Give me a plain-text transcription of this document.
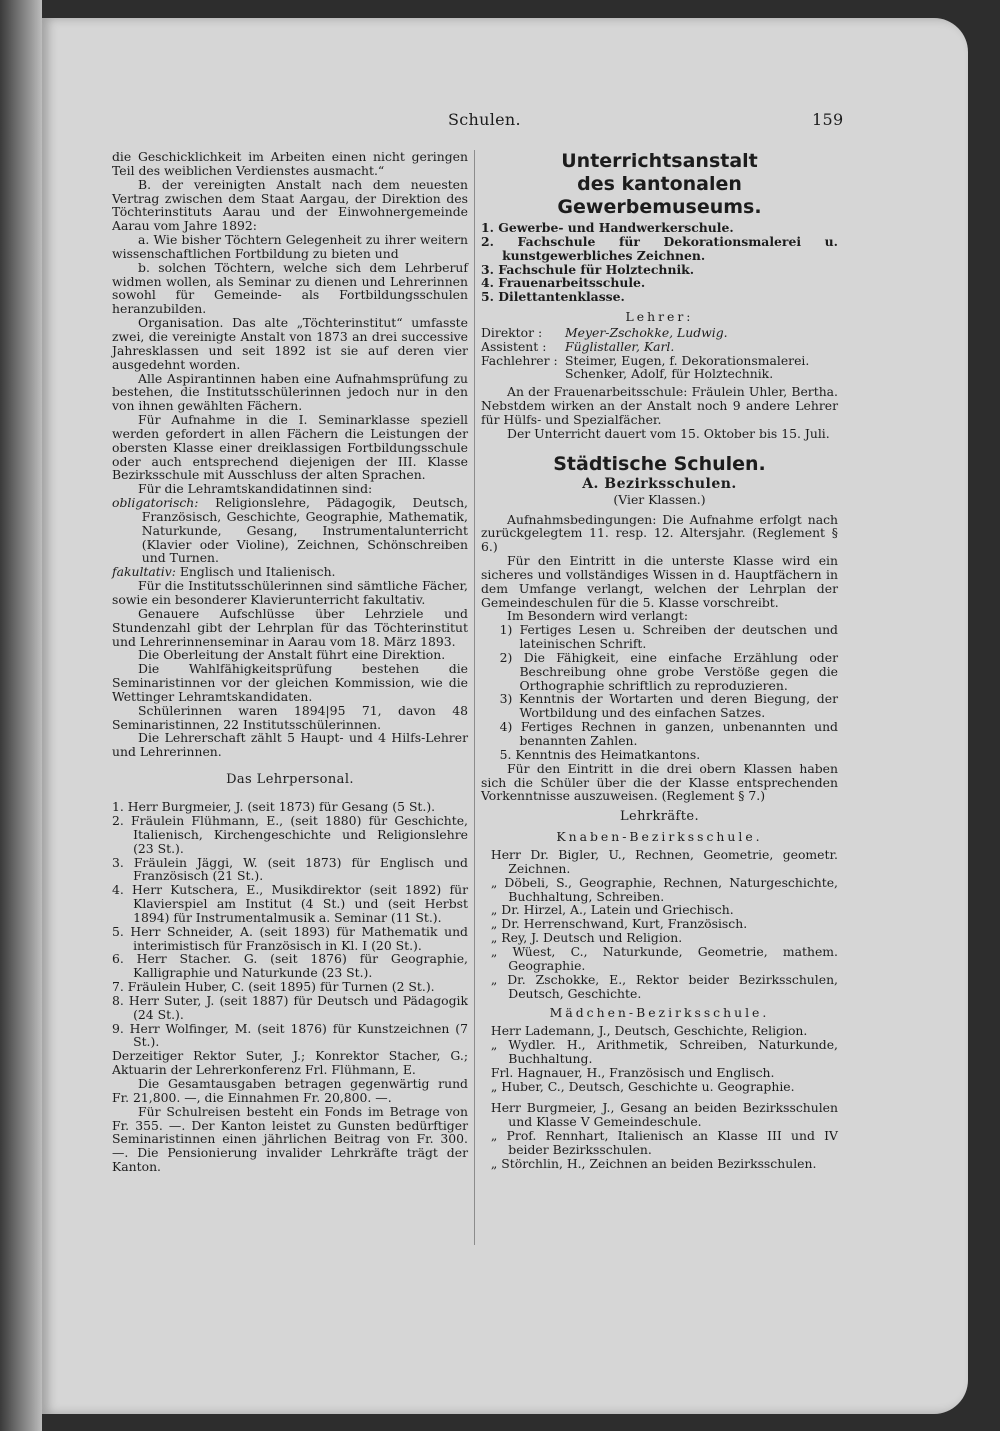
Schulen.	159

die Geschicklichkeit im Arbeiten einen nicht geringen Teil des weiblichen Verdienstes ausmacht.“

B. der vereinigten Anstalt nach dem neuesten Vertrag zwischen dem Staat Aargau, der Direktion des Töchterinstituts Aarau und der Einwohnergemeinde Aarau vom Jahre 1892:

a. Wie bisher Töchtern Gelegenheit zu ihrer weitern wissenschaftlichen Fortbildung zu bieten und

b. solchen Töchtern, welche sich dem Lehrberuf widmen wollen, als Seminar zu dienen und Lehrerinnen sowohl für Gemeinde- als Fortbildungsschulen heranzubilden.

Organisation. Das alte „Töchterinstitut“ umfasste zwei, die vereinigte Anstalt von 1873 an drei successive Jahresklassen und seit 1892 ist sie auf deren vier ausgedehnt worden.

Alle Aspirantinnen haben eine Aufnahmsprüfung zu bestehen, die Institutsschülerinnen jedoch nur in den von ihnen gewählten Fächern.

Für Aufnahme in die I. Seminarklasse speziell werden gefordert in allen Fächern die Leistungen der obersten Klasse einer dreiklassigen Fortbildungsschule oder auch entsprechend diejenigen der III. Klasse Bezirksschule mit Ausschluss der alten Sprachen.

Für die Lehramtskandidatinnen sind:

obligatorisch: Religionslehre, Pädagogik, Deutsch, Französisch, Geschichte, Geographie, Mathematik, Naturkunde, Gesang, Instrumentalunterricht (Klavier oder Violine), Zeichnen, Schönschreiben und Turnen.

fakultativ: Englisch und Italienisch.

Für die Institutsschülerinnen sind sämtliche Fächer, sowie ein besonderer Klavierunterricht fakultativ.

Genauere Aufschlüsse über Lehrziele und Stundenzahl gibt der Lehrplan für das Töchterinstitut und Lehrerinnenseminar in Aarau vom 18. März 1893.

Die Oberleitung der Anstalt führt eine Direktion.

Die Wahlfähigkeitsprüfung bestehen die Seminaristinnen vor der gleichen Kommission, wie die Wettinger Lehramtskandidaten.

Schülerinnen waren 1894|95 71, davon 48 Seminaristinnen, 22 Institutsschülerinnen.

Die Lehrerschaft zählt 5 Haupt- und 4 Hilfs-Lehrer und Lehrerinnen.

Das Lehrpersonal.

1. Herr Burgmeier, J. (seit 1873) für Gesang (5 St.).

2. Fräulein Flühmann, E., (seit 1880) für Geschichte, Italienisch, Kirchengeschichte und Religionslehre (23 St.).

3. Fräulein Jäggi, W. (seit 1873) für Englisch und Französisch (21 St.).

4. Herr Kutschera, E., Musikdirektor (seit 1892) für Klavierspiel am Institut (4 St.) und (seit Herbst 1894) für Instrumentalmusik a. Seminar (11 St.).

5. Herr Schneider, A. (seit 1893) für Mathematik und interimistisch für Französisch in Kl. I (20 St.).

6. Herr Stacher. G. (seit 1876) für Geographie, Kalligraphie und Naturkunde (23 St.).

7. Fräulein Huber, C. (seit 1895) für Turnen (2 St.).

8. Herr Suter, J. (seit 1887) für Deutsch und Pädagogik (24 St.).

9. Herr Wolfinger, M. (seit 1876) für Kunstzeichnen (7 St.).

Derzeitiger Rektor Suter, J.; Konrektor Stacher, G.; Aktuarin der Lehrerkonferenz Frl. Flühmann, E.

Die Gesamtausgaben betragen gegenwärtig rund Fr. 21,800. —, die Einnahmen Fr. 20,800. —.

Für Schulreisen besteht ein Fonds im Betrage von Fr. 355. —. Der Kanton leistet zu Gunsten bedürftiger Seminaristinnen einen jährlichen Beitrag von Fr. 300. —. Die Pensionierung invalider Lehrkräfte trägt der Kanton.

Unterrichtsanstalt

des kantonalen Gewerbemuseums.

1. Gewerbe- und Handwerkerschule.

2. Fachschule für Dekorationsmalerei u. kunstgewerbliches Zeichnen.

3. Fachschule für Holztechnik.

4. Frauenarbeitsschule.

5. Dilettantenklasse.

Lehrer:

Direktor :	Meyer-Zschokke, Ludwig.
Assistent :	Füglistaller, Karl.
Fachlehrer : Steimer, Eugen, f. Dekorationsmalerei.
Schenker, Adolf, für Holztechnik.

An der Frauenarbeitsschule: Fräulein Uhler, Bertha. Nebstdem wirken an der Anstalt noch 9 andere Lehrer für Hülfs- und Spezialfächer.

Der Unterricht dauert vom 15. Oktober bis 15. Juli.

Städtische Schulen.

A. Bezirksschulen.

(Vier Klassen.)

Aufnahmsbedingungen: Die Aufnahme erfolgt nach zurückgelegtem 11. resp. 12. Altersjahr. (Reglement § 6.)

Für den Eintritt in die unterste Klasse wird ein sicheres und vollständiges Wissen in d. Hauptfächern in dem Umfange verlangt, welchen der Lehrplan der Gemeindeschulen für die 5. Klasse vorschreibt.

Im Besondern wird verlangt:

1) Fertiges Lesen u. Schreiben der deutschen und lateinischen Schrift.

2) Die Fähigkeit, eine einfache Erzählung oder Beschreibung ohne grobe Verstöße gegen die Orthographie schriftlich zu reproduzieren.

3) Kenntnis der Wortarten und deren Biegung, der Wortbildung und des einfachen Satzes.

4) Fertiges Rechnen in ganzen, unbenannten und benannten Zahlen.

5. Kenntnis des Heimatkantons.

Für den Eintritt in die drei obern Klassen haben sich die Schüler über die der Klasse entsprechenden Vorkenntnisse auszuweisen. (Reglement § 7.)

Lehrkräfte.

Knaben-Bezirksschule.

Herr Dr. Bigler, U., Rechnen, Geometrie, geometr. Zeichnen.

„ Döbeli, S., Geographie, Rechnen, Naturgeschichte, Buchhaltung, Schreiben.

„ Dr. Hirzel, A., Latein und Griechisch.

„ Dr. Herrenschwand, Kurt, Französisch.

„ Rey, J. Deutsch und Religion.

„ Wüest, C., Naturkunde, Geometrie, mathem. Geographie.

„ Dr. Zschokke, E., Rektor beider Bezirksschulen, Deutsch, Geschichte.

Mädchen-Bezirksschule.

Herr Lademann, J., Deutsch, Geschichte, Religion.

„ Wydler. H., Arithmetik, Schreiben, Naturkunde, Buchhaltung.

Frl. Hagnauer, H., Französisch und Englisch.

„ Huber, C., Deutsch, Geschichte u. Geographie.

Herr Burgmeier, J., Gesang an beiden Bezirksschulen und Klasse V Gemeindeschule.

„ Prof. Rennhart, Italienisch an Klasse III und IV beider Bezirksschulen.

„ Störchlin, H., Zeichnen an beiden Bezirksschulen.
